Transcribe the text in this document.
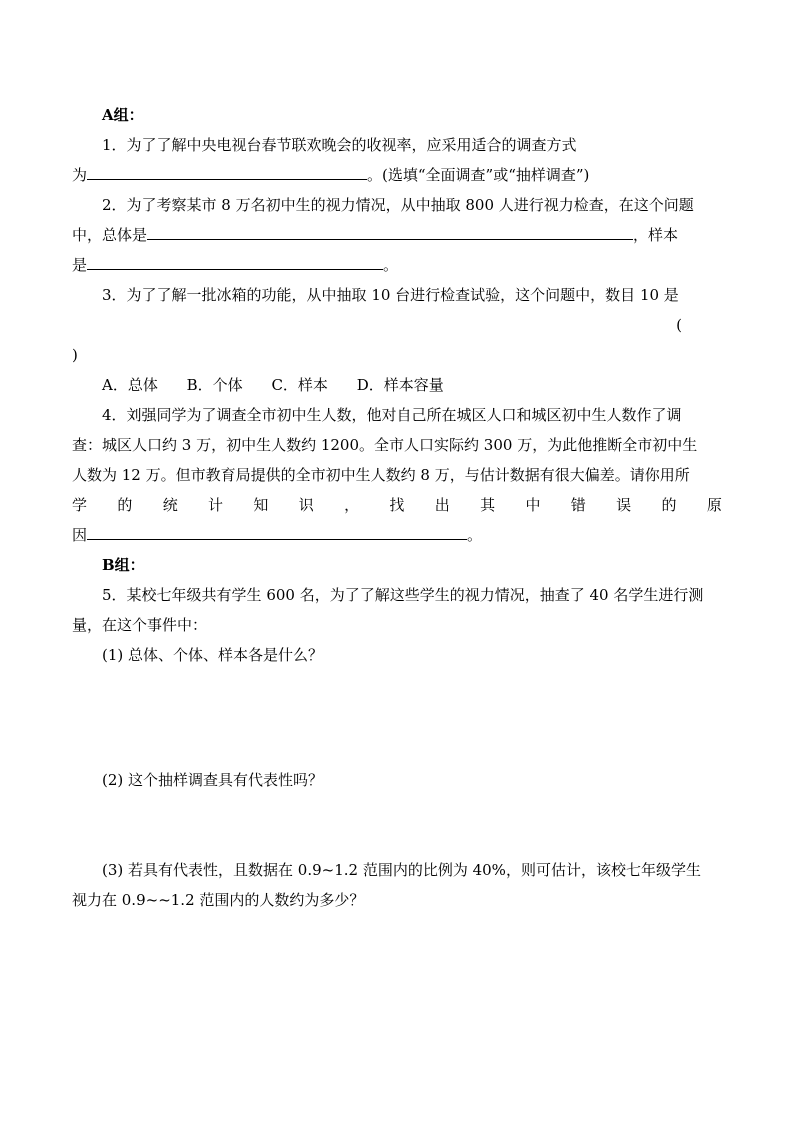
A组：
1．为了了解中央电视台春节联欢晚会的收视率，应采用适合的调查方式
为	。(选填“全面调查”或“抽样调查”)
2．为了考察某市 8 万名初中生的视力情况，从中抽取 800 人进行视力检查，在这个问题
中，总体是	，样本
是	。
3．为了了解一批冰箱的功能，从中抽取 10 台进行检查试验，这个问题中，数目 10 是
(
)
A．总体 B．个体 C．样本 D．样本容量
4．刘强同学为了调查全市初中生人数，他对自己所在城区人口和城区初中生人数作了调
查：城区人口约 3 万，初中生人数约 1200。全市人口实际约 300 万，为此他推断全市初中生
人数为 12 万。但市教育局提供的全市初中生人数约 8 万，与估计数据有很大偏差。请你用所
学 的 统 计 知 识 ， 找 出 其 中 错 误 的 原
因	。
B组：
5．某校七年级共有学生 600 名，为了了解这些学生的视力情况，抽查了 40 名学生进行测
量，在这个事件中：
(1) 总体、个体、样本各是什么？
(2) 这个抽样调查具有代表性吗？
(3) 若具有代表性，且数据在 0.9~1.2 范围内的比例为 40%，则可估计，该校七年级学生
视力在 0.9~~1.2 范围内的人数约为多少？
